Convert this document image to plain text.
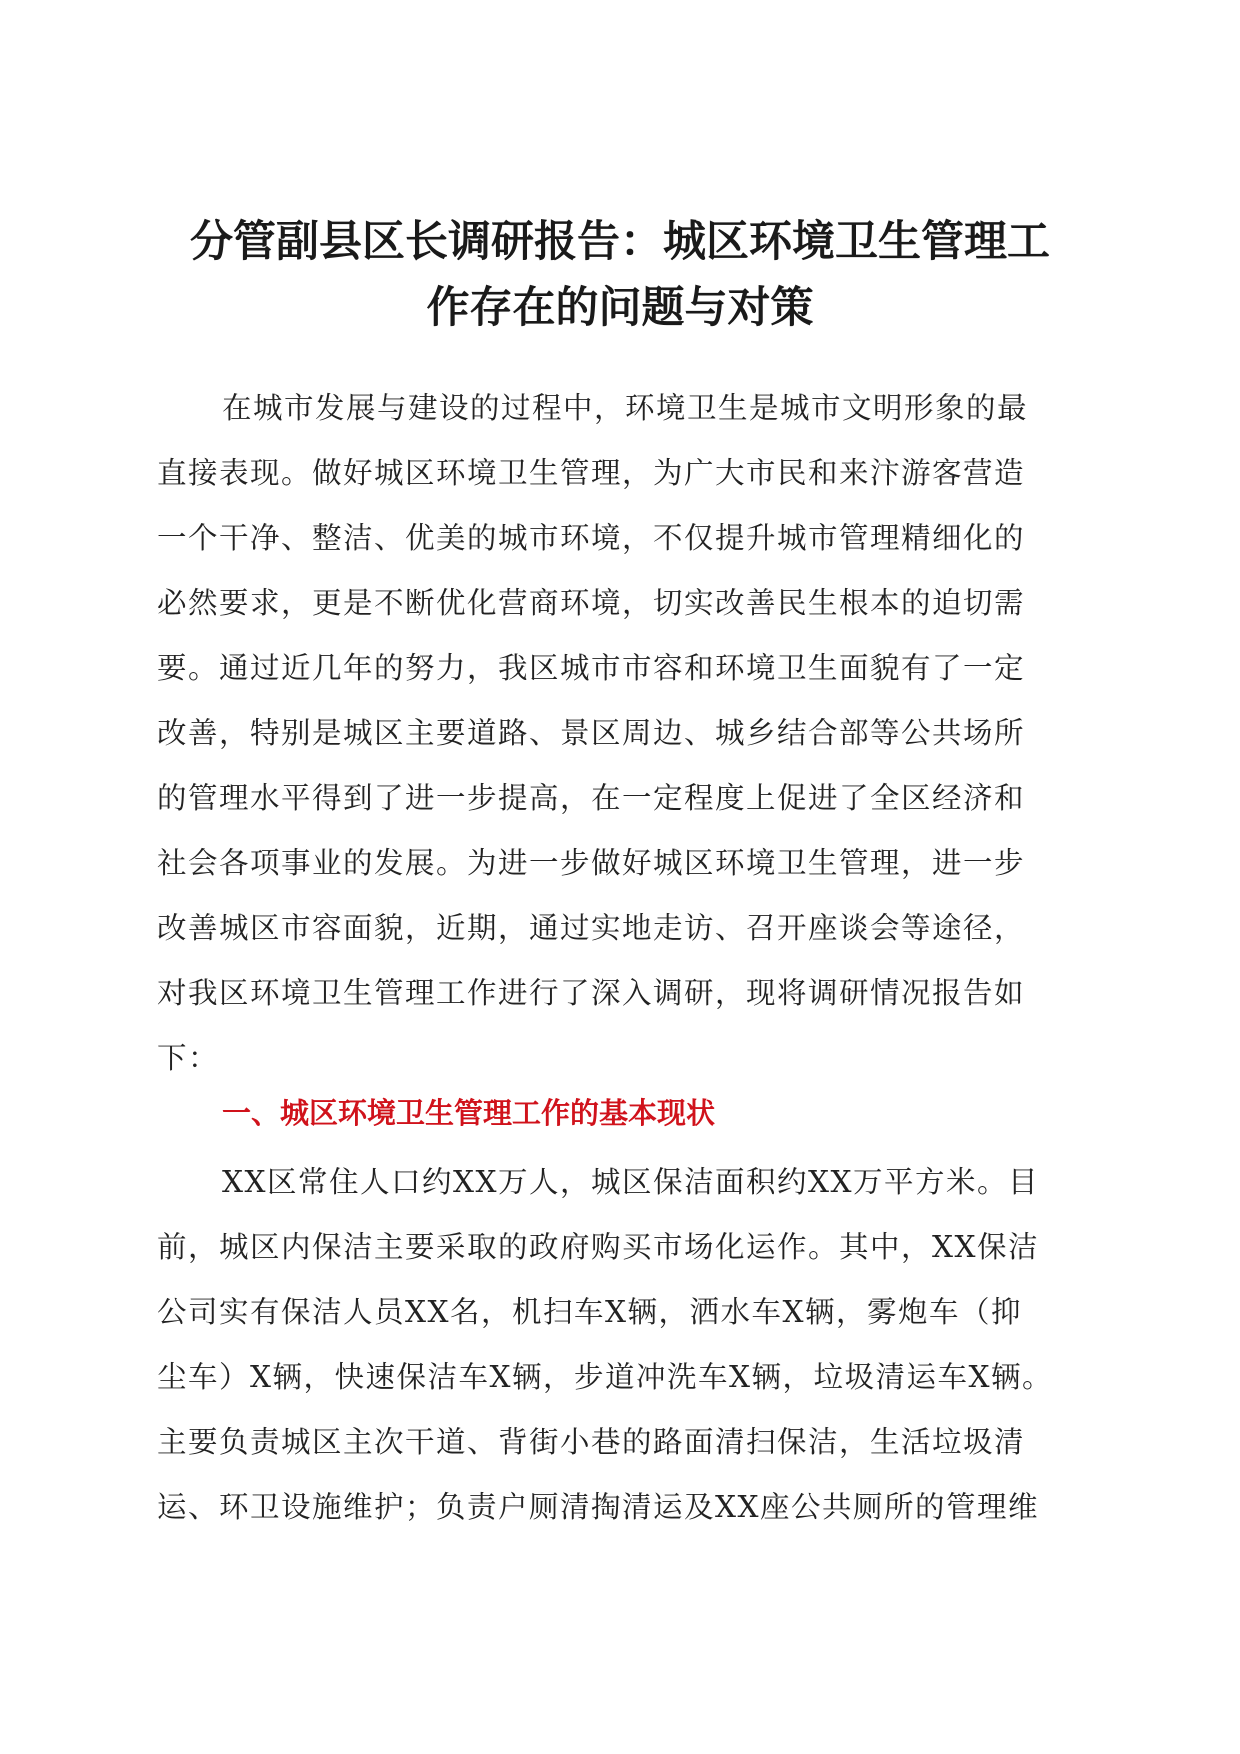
分管副县区长调研报告：城区环境卫生管理工
作存在的问题与对策
在城市发展与建设的过程中，环境卫生是城市文明形象的最
直接表现。做好城区环境卫生管理，为广大市民和来汴游客营造
一个干净、整洁、优美的城市环境，不仅提升城市管理精细化的
必然要求，更是不断优化营商环境，切实改善民生根本的迫切需
要。通过近几年的努力，我区城市市容和环境卫生面貌有了一定
改善，特别是城区主要道路、景区周边、城乡结合部等公共场所
的管理水平得到了进一步提高，在一定程度上促进了全区经济和
社会各项事业的发展。为进一步做好城区环境卫生管理，进一步
改善城区市容面貌，近期，通过实地走访、召开座谈会等途径，
对我区环境卫生管理工作进行了深入调研，现将调研情况报告如
下：
一、城区环境卫生管理工作的基本现状
XX区常住人口约XX万人，城区保洁面积约XX万平方米。目
前，城区内保洁主要采取的政府购买市场化运作。其中，XX保洁
公司实有保洁人员XX名，机扫车X辆，洒水车X辆，雾炮车（抑
尘车）X辆，快速保洁车X辆，步道冲洗车X辆，垃圾清运车X辆。
主要负责城区主次干道、背街小巷的路面清扫保洁，生活垃圾清
运、环卫设施维护；负责户厕清掏清运及XX座公共厕所的管理维
